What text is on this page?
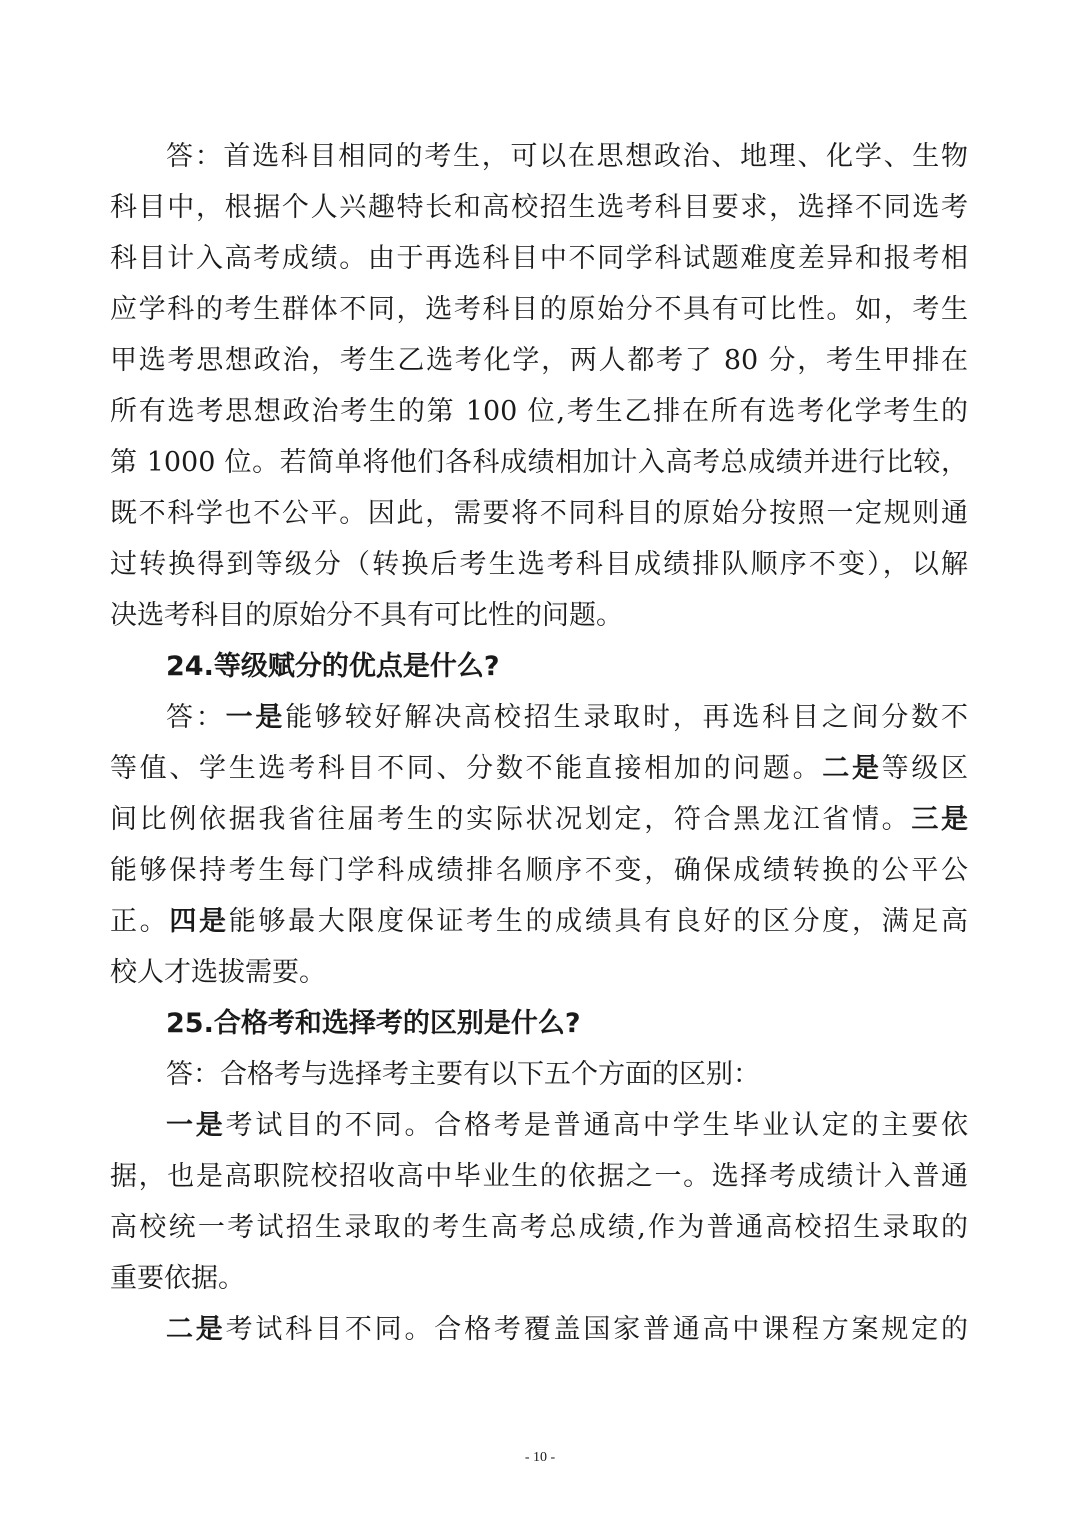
答：首选科目相同的考生，可以在思想政治、地理、化学、生物
科目中，根据个人兴趣特长和高校招生选考科目要求，选择不同选考
科目计入高考成绩。由于再选科目中不同学科试题难度差异和报考相
应学科的考生群体不同，选考科目的原始分不具有可比性。如，考生
甲选考思想政治，考生乙选考化学，两人都考了 80 分，考生甲排在
所有选考思想政治考生的第 100 位,考生乙排在所有选考化学考生的
第 1000 位。若简单将他们各科成绩相加计入高考总成绩并进行比较，
既不科学也不公平。因此，需要将不同科目的原始分按照一定规则通
过转换得到等级分（转换后考生选考科目成绩排队顺序不变），以解
决选考科目的原始分不具有可比性的问题。
24.等级赋分的优点是什么?
答：一是能够较好解决高校招生录取时，再选科目之间分数不
等值、学生选考科目不同、分数不能直接相加的问题。二是等级区
间比例依据我省往届考生的实际状况划定，符合黑龙江省情。三是
能够保持考生每门学科成绩排名顺序不变，确保成绩转换的公平公
正。四是能够最大限度保证考生的成绩具有良好的区分度，满足高
校人才选拔需要。
25.合格考和选择考的区别是什么?
答：合格考与选择考主要有以下五个方面的区别：
一是考试目的不同。合格考是普通高中学生毕业认定的主要依
据，也是高职院校招收高中毕业生的依据之一。选择考成绩计入普通
高校统一考试招生录取的考生高考总成绩,作为普通高校招生录取的
重要依据。
二是考试科目不同。合格考覆盖国家普通高中课程方案规定的
- 10 -
